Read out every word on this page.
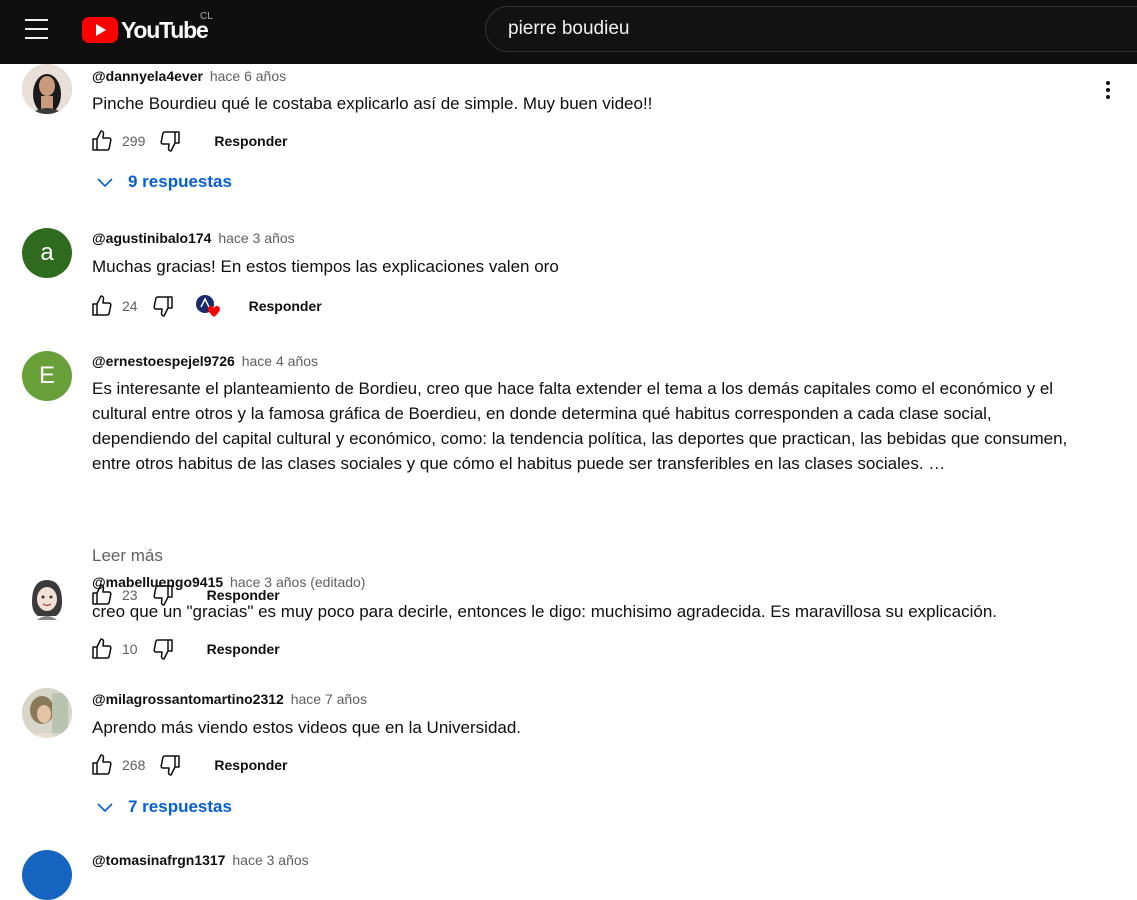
YouTube
CL
pierre boudieu
@dannyela4ever hace 6 años
Pinche Bourdieu qué le costaba explicarlo así de simple. Muy buen video!!
299	Responder
9 respuestas
a
@agustinibalo174 hace 3 años
Muchas gracias! En estos tiempos las explicaciones valen oro
24	Responder
E
@ernestoespejel9726 hace 4 años
Es interesante el planteamiento de Bordieu, creo que hace falta extender el tema a los demás capitales como el económico y el cultural entre otros y la famosa gráfica de Boerdieu, en donde determina qué habitus corresponden a cada clase social, dependiendo del capital cultural y económico, como: la tendencia política, las deportes que practican, las bebidas que consumen, entre otros habitus de las clases sociales y que cómo el habitus puede ser transferibles en las clases sociales. …
Leer más
23	Responder
@mabelluengo9415 hace 3 años (editado)
creo que un "gracias" es muy poco para decirle, entonces le digo: muchisimo agradecida. Es maravillosa su explicación.
10	Responder
@milagrossantomartino2312 hace 7 años
Aprendo más viendo estos videos que en la Universidad.
268	Responder
7 respuestas
@tomasinafrgn1317 hace 3 años
